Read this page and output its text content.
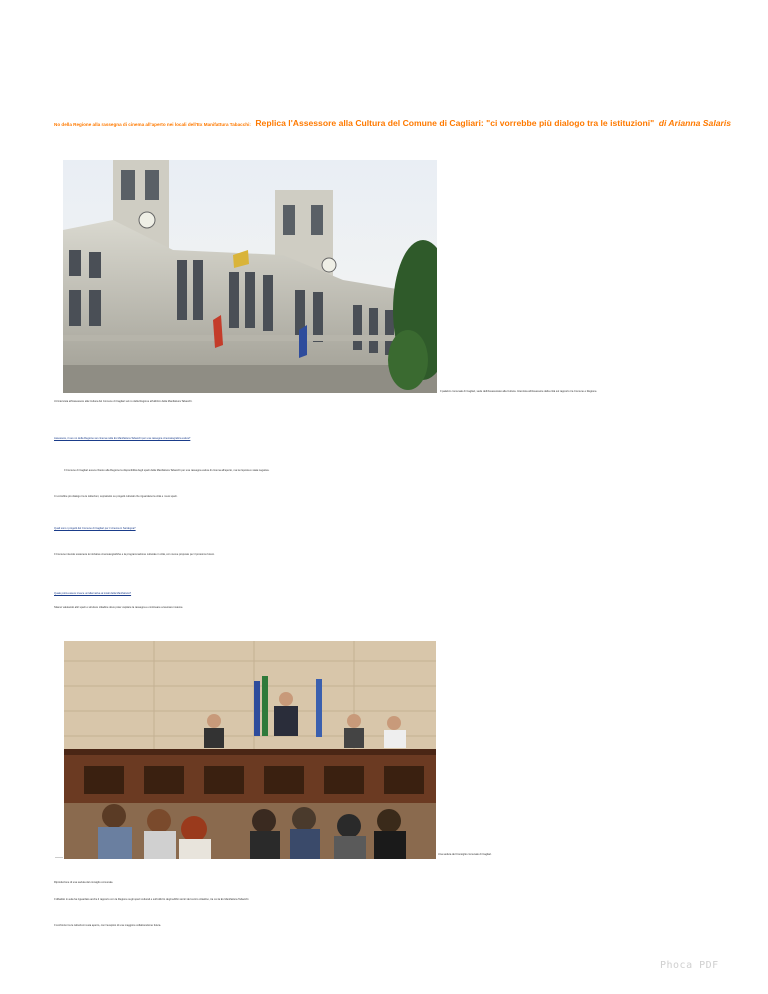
No della Regione alla rassegna di cinema all'aperto nei locali dell'Ex Manifattura Tabacchi: Replica l'Assessore alla Cultura del Comune di Cagliari: "ci vorrebbe più dialogo tra le istituzioni" di Arianna Salaris
Il palazzo comunale di Cagliari, sede dell'Assessorato alla Cultura. Intervista all'Assessore della città sul rapporto tra Comune e Regione.
Un'intervista all'Assessore alla Cultura del Comune di Cagliari sul no della Regione all'utilizzo della Manifattura Tabacchi.
Assessore, il suo no della Regione sui cinema nella Ex Manifattura Tabacchi per una rassegna cinematografica estiva?
Il Comune di Cagliari aveva chiesto alla Regione la disponibilità degli spazi della Manifattura Tabacchi per una rassegna estiva di cinema all'aperto, ma la risposta è stata negativa.
Ci vorrebbe più dialogo tra le istituzioni, soprattutto su progetti culturali che riguardano la città e i suoi spazi.
Quali sono i progetti del Comune di Cagliari per il cinema in Sardegna?
Il Comune intende sostenere le iniziative cinematografiche e la programmazione culturale in città, con nuove proposte per il prossimo futuro.
Quale potrà essere invece un'alternativa ai locali della Manifattura?
Stiamo valutando altri spazi e strutture cittadine dove poter ospitare la rassegna e continuare a lavorare insieme.
Una seduta del Consiglio comunale di Cagliari.
Riproduzione di una seduta del consiglio comunale.
Il dibattito in aula ha riguardato anche il rapporto con la Regione sugli spazi culturali e sull'utilizzo degli edifici storici del centro cittadino, tra cui la Ex Manifattura Tabacchi.
Il confronto tra le istituzioni resta aperto, con l'auspicio di una maggiore collaborazione futura.
Phoca PDF
